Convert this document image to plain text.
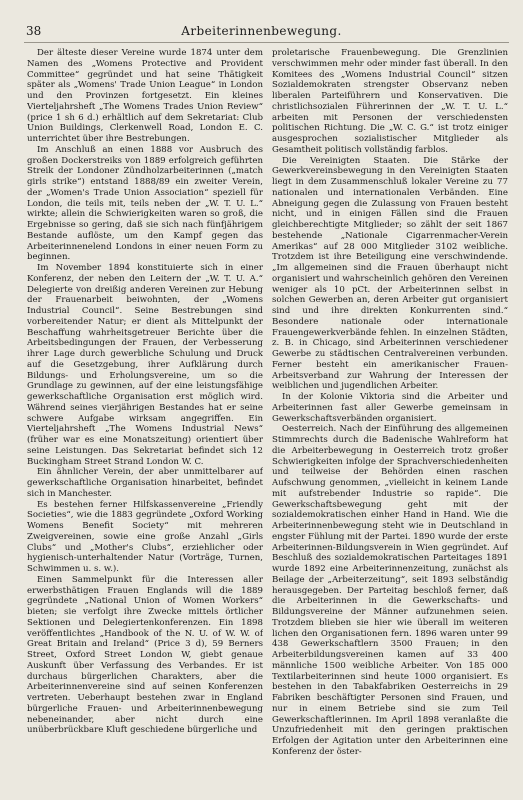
38	Arbeiterinnenbewegung.

Der älteste dieser Vereine wurde 1874 unter dem Namen des „Womens Protective and Provident Committee“ gegründet und hat seine Thätigkeit später als „Womens' Trade Union League“ in London und den Provinzen fortgesetzt. Ein kleines Vierteljahrsheft „The Womens Trades Union Review“ (price 1 sh 6 d.) erhältlich auf dem Sekretariat: Club Union Buildings, Clerkenwell Road, London E. C. unterrichtet über ihre Bestrebungen.

Im Anschluß an einen 1888 vor Ausbruch des großen Dockerstreiks von 1889 erfolgreich geführten Streik der Londoner Zündholzarbeiterinnen („match girls strike“) entstand 1888/89 ein zweiter Verein, der „Women's Trade Union Association“ speziell für London, die teils mit, teils neben der „W. T. U. L.“ wirkte; allein die Schwierigkeiten waren so groß, die Ergebnisse so gering, daß sie sich nach fünfjährigem Bestande auflöste, um den Kampf gegen das Arbeiterinnenelend Londons in einer neuen Form zu beginnen.

Im November 1894 konstituierte sich in einer Konferenz, der neben den Leitern der „W. T. U. A.“ Delegierte von dreißig anderen Vereinen zur Hebung der Frauenarbeit beiwohnten, der „Womens Industrial Council“. Seine Bestrebungen sind vorbereitender Natur; er dient als Mittelpunkt der Beschaffung wahrheitsgetreuer Berichte über die Arbeitsbedingungen der Frauen, der Verbesserung ihrer Lage durch gewerbliche Schulung und Druck auf die Gesetzgebung, ihrer Aufklärung durch Bildungs- und Erholungsvereine, um so die Grundlage zu gewinnen, auf der eine leistungsfähige gewerkschaftliche Organisation erst möglich wird. Während seines vierjährigen Bestandes hat er seine schwere Aufgabe wirksam angegriffen. Ein Vierteljahrsheft „The Womens Industrial News“ (früher war es eine Monatszeitung) orientiert über seine Leistungen. Das Sekretariat befindet sich 12 Buckingham Street Strand London W. C.

Ein ähnlicher Verein, der aber unmittelbarer auf gewerkschaftliche Organisation hinarbeitet, befindet sich in Manchester.

Es bestehen ferner Hilfskassenvereine „Friendly Societies“, wie die 1883 gegründete „Oxford Working Womens Benefit Society“ mit mehreren Zweigvereinen, sowie eine große Anzahl „Girls Clubs“ und „Mother's Clubs“, erziehlicher oder hygienisch-unterhaltender Natur (Vorträge, Turnen, Schwimmen u. s. w.).

Einen Sammelpunkt für die Interessen aller erwerbsthätigen Frauen Englands will die 1889 gegründete „National Union of Women Workers“ bieten; sie verfolgt ihre Zwecke mittels örtlicher Sektionen und Delegiertenkonferenzen. Ein 1898 veröffentlichtes „Handbook of the N. U. of W. W. of Great Britain and Ireland“ (Price 3 d), 59 Berners Street, Oxford Street London W, giebt genaue Auskunft über Verfassung des Verbandes. Er ist durchaus bürgerlichen Charakters, aber die Arbeiterinnenvereine sind auf seinen Konferenzen vertreten. Ueberhaupt bestehen zwar in England bürgerliche Frauen- und Arbeiterinnenbewegung nebeneinander, aber nicht durch eine unüberbrückbare Kluft geschiedene bürgerliche und

proletarische Frauenbewegung. Die Grenzlinien verschwimmen mehr oder minder fast überall. In den Komitees des „Womens Industrial Council“ sitzen Sozialdemokraten strengster Observanz neben liberalen Parteiführern und Konservativen. Die christlichsozialen Führerinnen der „W. T. U. L.“ arbeiten mit Personen der verschiedensten politischen Richtung. Die „W. C. G.“ ist trotz einiger ausgesprochen sozialistischer Mitglieder als Gesamtheit politisch vollständig farblos.

Die Vereinigten Staaten. Die Stärke der Gewerkvereinsbewegung in den Vereinigten Staaten liegt in dem Zusammenschluß lokaler Vereine zu 77 nationalen und internationalen Verbänden. Eine Abneigung gegen die Zulassung von Frauen besteht nicht, und in einigen Fällen sind die Frauen gleichberechtigte Mitglieder; so zählt der seit 1867 bestehende „Nationale Cigarrenmacher-Verein Amerikas“ auf 28 000 Mitglieder 3102 weibliche. Trotzdem ist ihre Beteiligung eine verschwindende. „Im allgemeinen sind die Frauen überhaupt nicht organisiert und wahrscheinlich gehören den Vereinen weniger als 10 pCt. der Arbeiterinnen selbst in solchen Gewerben an, deren Arbeiter gut organisiert sind und ihre direkten Konkurrenten sind.“ Besondere nationale oder internationale Frauengewerkverbände fehlen. In einzelnen Städten, z. B. in Chicago, sind Arbeiterinnen verschiedener Gewerbe zu städtischen Centralvereinen verbunden. Ferner besteht ein amerikanischer Frauen-Arbeitsverband zur Wahrung der Interessen der weiblichen und jugendlichen Arbeiter.

In der Kolonie Viktoria sind die Arbeiter und Arbeiterinnen fast aller Gewerbe gemeinsam in Gewerkschaftsverbänden organisiert.

Oesterreich. Nach der Einführung des allgemeinen Stimmrechts durch die Badenische Wahlreform hat die Arbeiterbewegung in Oesterreich trotz großer Schwierigkeiten infolge der Sprachverschiedenheiten und teilweise der Behörden einen raschen Aufschwung genommen, „vielleicht in keinem Lande mit aufstrebender Industrie so rapide“. Die Gewerkschaftsbewegung geht mit der sozialdemokratischen einher Hand in Hand. Wie die Arbeiterinnenbewegung steht wie in Deutschland in engster Fühlung mit der Partei. 1890 wurde der erste Arbeiterinnen-Bildungsverein in Wien gegründet. Auf Beschluß des sozialdemokratischen Parteitages 1891 wurde 1892 eine Arbeiterinnenzeitung, zunächst als Beilage der „Arbeiterzeitung“, seit 1893 selbständig herausgegeben. Der Parteitag beschloß ferner, daß die Arbeiterinnen in die Gewerkschafts- und Bildungsvereine der Männer aufzunehmen seien. Trotzdem blieben sie hier wie überall im weiteren lichen den Organisationen fern. 1896 waren unter 99 438 Gewerkschaftlern 3500 Frauen; in den Arbeiterbildungsvereinen kamen auf 33 400 männliche 1500 weibliche Arbeiter. Von 185 000 Textilarbeiterinnen sind heute 1000 organisiert. Es bestehen in den Tabakfabriken Oesterreichs in 29 Fabriken beschäftigter Personen sind Frauen, und nur in einem Betriebe sind sie zum Teil Gewerkschaftlerinnen. Im April 1898 veranlaßte die Unzufriedenheit mit den geringen praktischen Erfolgen der Agitation unter den Arbeiterinnen eine Konferenz der öster-
